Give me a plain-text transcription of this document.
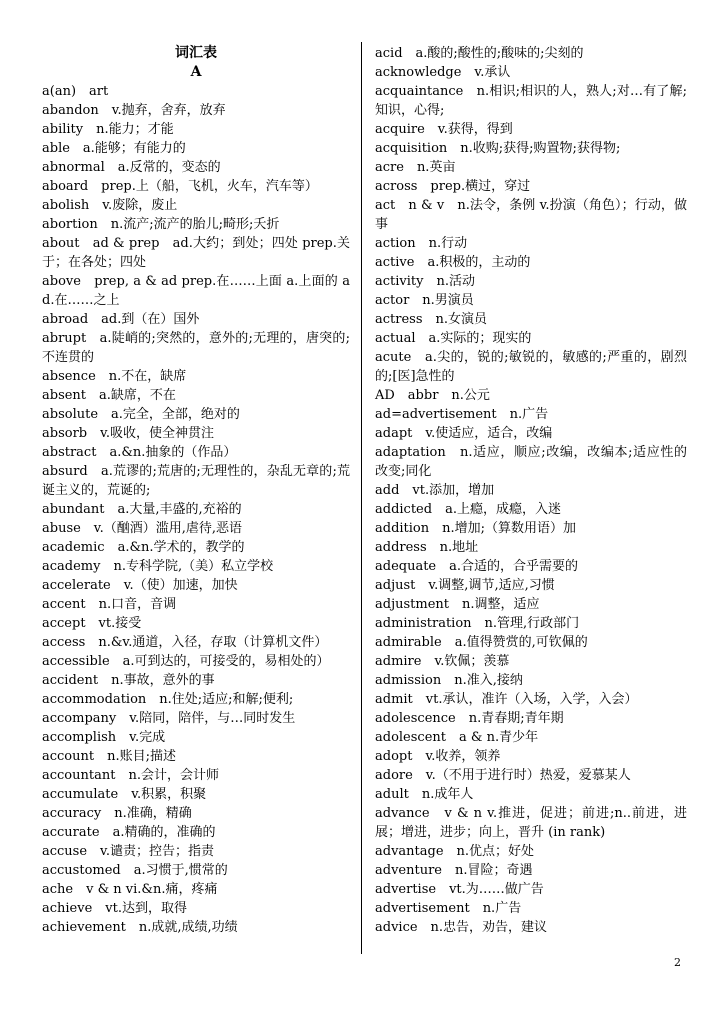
词汇表
A

a(an)　art

abandon　v.抛弃，舍弃，放弃

ability　n.能力；才能

able　a.能够；有能力的

abnormal　a.反常的，变态的

aboard　prep.上（船，飞机，火车，汽车等）

abolish　v.废除，废止

abortion　n.流产;流产的胎儿;畸形;夭折

about　ad & prep　ad.大约；到处；四处 prep.关于；在各处；四处

above　prep, a & ad prep.在……上面 a.上面的 ad.在……之上

abroad　ad.到（在）国外

abrupt　a.陡峭的;突然的，意外的;无理的，唐突的;不连贯的

absence　n.不在，缺席

absent　a.缺席，不在

absolute　a.完全，全部，绝对的

absorb　v.吸收，使全神贯注

abstract　a.&n.抽象的（作品）

absurd　a.荒谬的;荒唐的;无理性的，杂乱无章的;荒诞主义的，荒诞的;

abundant　a.大量,丰盛的,充裕的

abuse　v.（酗酒）滥用,虐待,恶语

academic　a.&n.学术的，教学的

academy　n.专科学院,（美）私立学校

accelerate　v.（使）加速，加快

accent　n.口音，音调

accept　vt.接受

access　n.&v.通道，入径，存取（计算机文件）

accessible　a.可到达的，可接受的，易相处的）

accident　n.事故，意外的事

accommodation　n.住处;适应;和解;便利;

accompany　v.陪同，陪伴，与…同时发生

accomplish　v.完成

account　n.账目;描述

accountant　n.会计，会计师

accumulate　v.积累，积聚

accuracy　n.准确，精确

accurate　a.精确的，准确的

accuse　v.谴责；控告；指责

accustomed　a.习惯于,惯常的

ache　v & n vi.&n.痛，疼痛

achieve　vt.达到，取得

achievement　n.成就,成绩,功绩

acid　a.酸的;酸性的;酸味的;尖刻的

acknowledge　v.承认

acquaintance　n.相识;相识的人，熟人;对…有了解;知识，心得;

acquire　v.获得，得到

acquisition　n.收购;获得;购置物;获得物;

acre　n.英亩

across　prep.横过，穿过

act　n & v　n.法令，条例 v.扮演（角色）；行动，做事

action　n.行动

active　a.积极的，主动的

activity　n.活动

actor　n.男演员

actress　n.女演员

actual　a.实际的；现实的

acute　a.尖的，锐的;敏锐的，敏感的;严重的，剧烈的;[医]急性的

AD　abbr　n.公元

ad=advertisement　n.广告

adapt　v.使适应，适合，改编

adaptation　n.适应，顺应;改编，改编本;适应性的改变;同化

add　vt.添加，增加

addicted　a.上瘾，成瘾，入迷

addition　n.增加;（算数用语）加

address　n.地址

adequate　a.合适的，合乎需要的

adjust　v.调整,调节,适应,习惯

adjustment　n.调整，适应

administration　n.管理,行政部门

admirable　a.值得赞赏的,可钦佩的

admire　v.钦佩；羡慕

admission　n.准入,接纳

admit　vt.承认，准许（入场，入学，入会）

adolescence　n.青春期;青年期

adolescent　a & n.青少年

adopt　v.收养，领养

adore　v.（不用于进行时）热爱，爱慕某人

adult　n.成年人

advance　v & n v.推进，促进；前进;n..前进，进展；增进，进步；向上，晋升 (in rank)

advantage　n.优点；好处

adventure　n.冒险；奇遇

advertise　vt.为……做广告

advertisement　n.广告

advice　n.忠告，劝告，建议

2
